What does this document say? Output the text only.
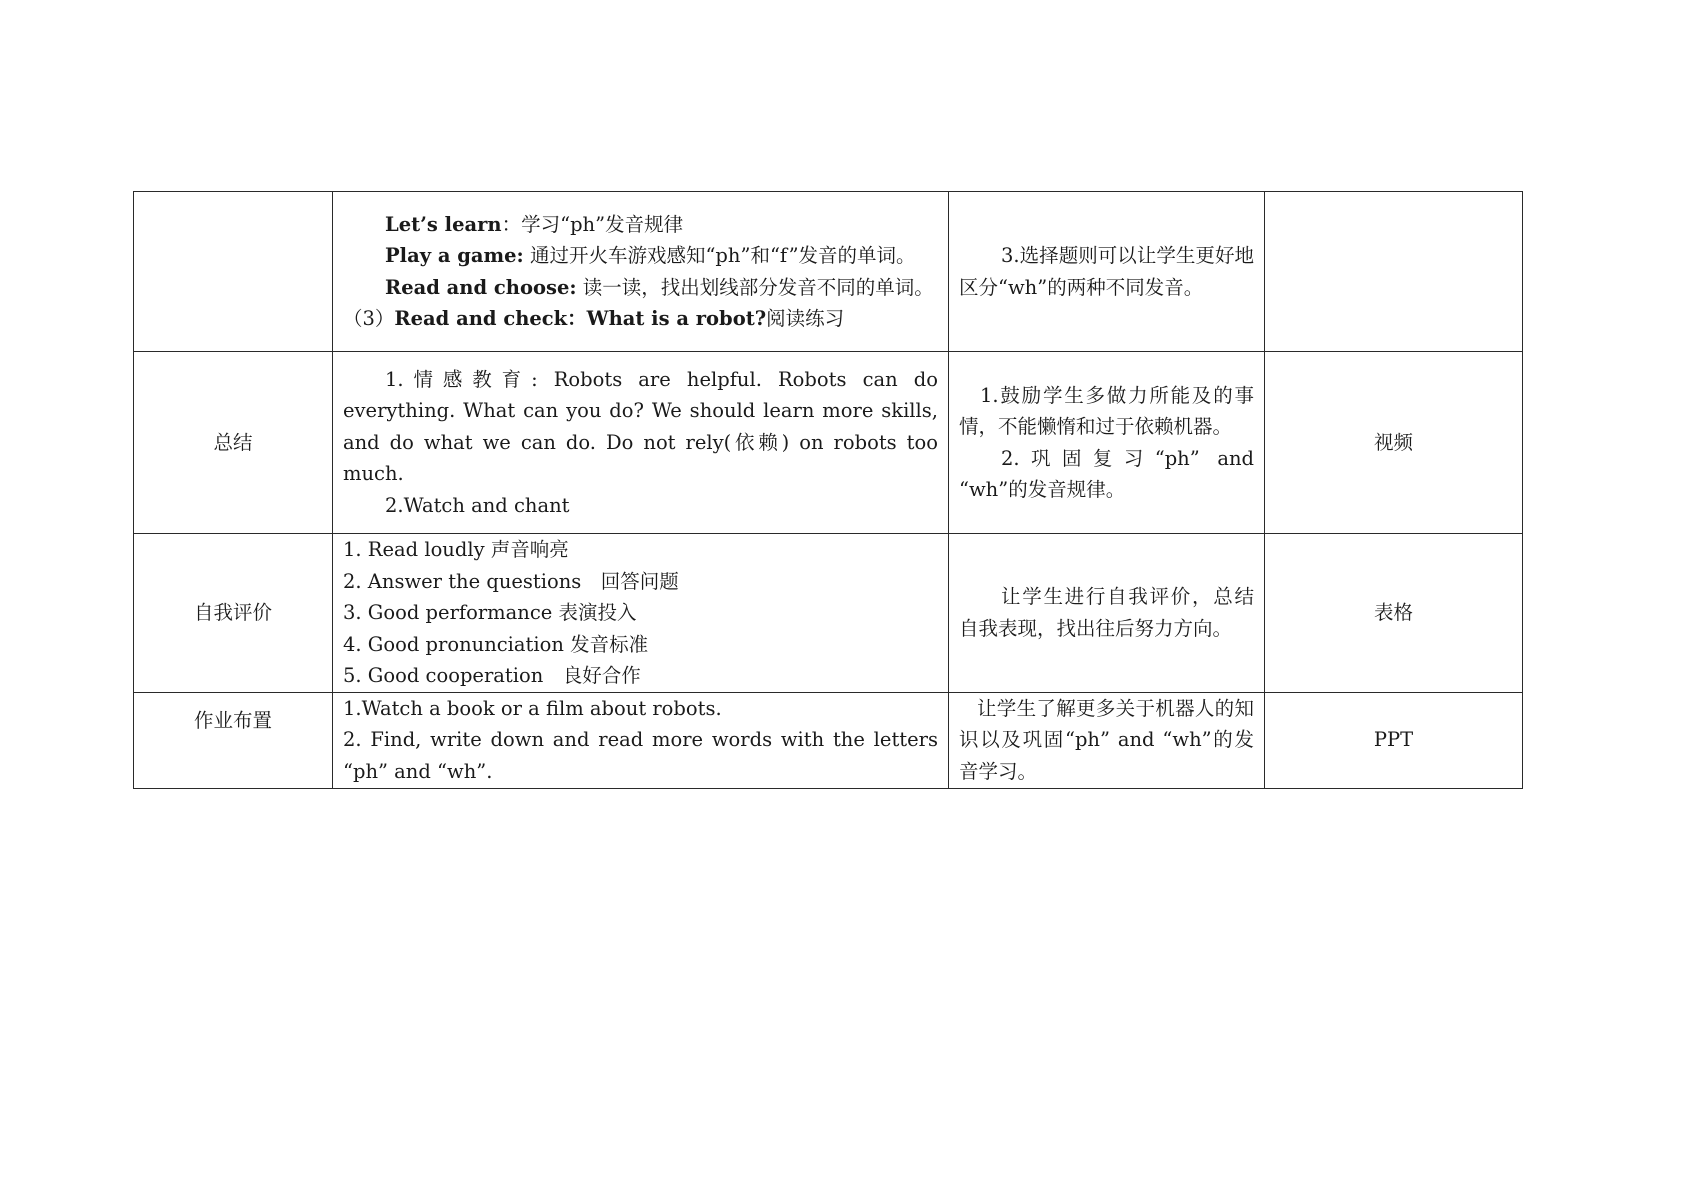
	Let’s learn：学习“ph”发音规律
Play a game: 通过开火车游戏感知“ph”和“f”发音的单词。
Read and choose: 读一读，找出划线部分发音不同的单词。
（3）Read and check：What is a robot?阅读练习	3.选择题则可以让学生更好地区分“wh”的两种不同发音。	

总结	1.情感教育: Robots are helpful. Robots can do everything. What can you do? We should learn more skills, and do what we can do. Do not rely(依赖) on robots too much.
2.Watch and chant	1.鼓励学生多做力所能及的事情，不能懒惰和过于依赖机器。
2.巩固复习“ph” and “wh”的发音规律。	视频
自我评价	1. Read loudly 声音响亮
2. Answer the questions　回答问题
3. Good performance 表演投入
4. Good pronunciation 发音标准
5. Good cooperation　良好合作	让学生进行自我评价，总结自我表现，找出往后努力方向。	表格
作业布置	1.Watch a book or a film about robots.
2. Find, write down and read more words with the letters “ph” and “wh”.	让学生了解更多关于机器人的知识以及巩固“ph” and “wh”的发音学习。	PPT
